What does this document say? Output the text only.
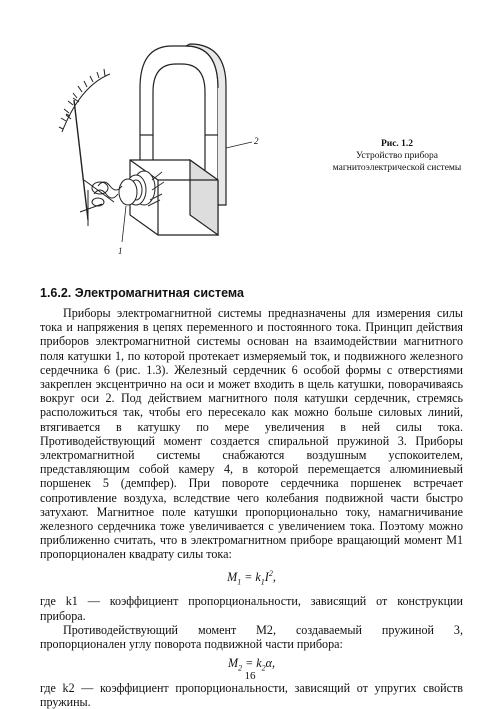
2
1
Рис. 1.2
Устройство прибора
магнитоэлектрической системы
1.6.2. Электромагнитная система

Приборы электромагнитной системы предназначены для измерения силы тока и напряжения в цепях переменного и постоянного тока. Принцип действия приборов электромагнитной системы основан на взаимодействии магнитного поля катушки 1, по которой протекает измеряемый ток, и подвижного железного сердечника 6 (рис. 1.3). Железный сердечник 6 особой формы с отверстиями закреплен эксцентрично на оси и может входить в щель катушки, поворачиваясь вокруг оси 2. Под действием магнитного поля катушки сердечник, стремясь расположиться так, чтобы его пересекало как можно больше силовых линий, втягивается в катушку по мере увеличения в ней силы тока. Противодействующий момент создается спиральной пружиной 3. Приборы электромагнитной системы снабжаются воздушным успокоителем, представляющим собой камеру 4, в которой перемещается алюминиевый поршенек 5 (демпфер). При повороте сердечника поршенек встречает сопротивление воздуха, вследствие чего колебания подвижной части быстро затухают. Магнитное поле катушки пропорционально току, намагничивание железного сердечника тоже увеличивается с увеличением тока. Поэтому можно приближенно считать, что в электромагнитном приборе вращающий момент M1 пропорционален квадрату силы тока:

$M_1 = k_1I^2$,

где k1 — коэффициент пропорциональности, зависящий от конструкции прибора.

Противодействующий момент M2, создаваемый пружиной 3, пропорционален углу поворота подвижной части прибора:

$M_2 = k_2\alpha$,

где k2 — коэффициент пропорциональности, зависящий от упругих свойств пружины.

16
